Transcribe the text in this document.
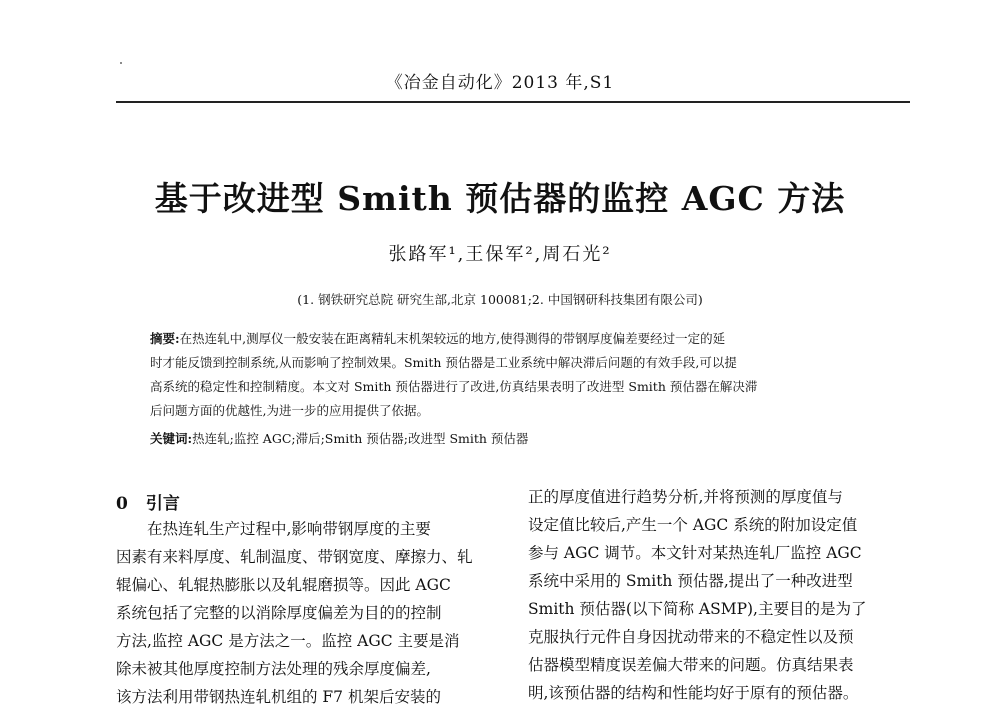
《冶金自动化》2013 年,S1
基于改进型 Smith 预估器的监控 AGC 方法
张路军¹,王保军²,周石光²
(1. 钢铁研究总院 研究生部,北京 100081;2. 中国钢研科技集团有限公司)
摘要:在热连轧中,测厚仪一般安装在距离精轧末机架较远的地方,使得测得的带钢厚度偏差要经过一定的延
时才能反馈到控制系统,从而影响了控制效果。Smith 预估器是工业系统中解决滞后问题的有效手段,可以提
高系统的稳定性和控制精度。本文对 Smith 预估器进行了改进,仿真结果表明了改进型 Smith 预估器在解决滞
后问题方面的优越性,为进一步的应用提供了依据。
关键词:热连轧;监控 AGC;滞后;Smith 预估器;改进型 Smith 预估器
0 引言
　　在热连轧生产过程中,影响带钢厚度的主要
因素有来料厚度、轧制温度、带钢宽度、摩擦力、轧
辊偏心、轧辊热膨胀以及轧辊磨损等。因此 AGC
系统包括了完整的以消除厚度偏差为目的的控制
方法,监控 AGC 是方法之一。监控 AGC 主要是消
除未被其他厚度控制方法处理的残余厚度偏差,
该方法利用带钢热连轧机组的 F7 机架后安装的
正的厚度值进行趋势分析,并将预测的厚度值与
设定值比较后,产生一个 AGC 系统的附加设定值
参与 AGC 调节。本文针对某热连轧厂监控 AGC
系统中采用的 Smith 预估器,提出了一种改进型
Smith 预估器(以下简称 ASMP),主要目的是为了
克服执行元件自身因扰动带来的不稳定性以及预
估器模型精度误差偏大带来的问题。仿真结果表
明,该预估器的结构和性能均好于原有的预估器。
